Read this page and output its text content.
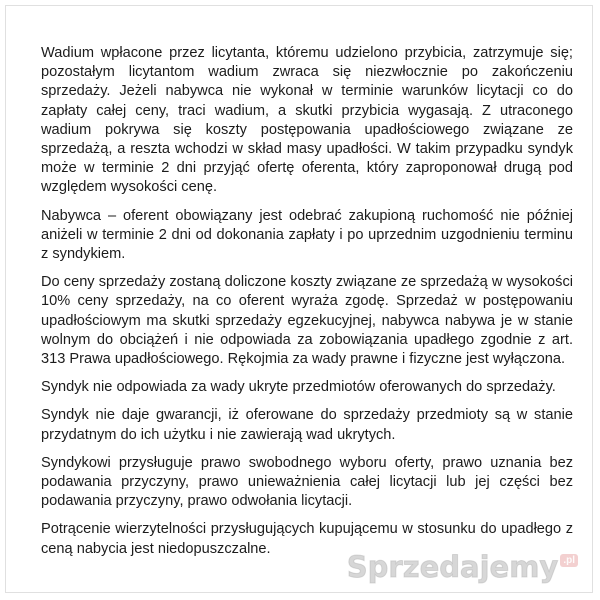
Wadium wpłacone przez licytanta, któremu udzielono przybicia, zatrzymuje się; pozostałym licytantom wadium zwraca się niezwłocznie po zakończeniu sprzedaży. Jeżeli nabywca nie wykonał w terminie warunków licytacji co do zapłaty całej ceny, traci wadium, a skutki przybicia wygasają. Z utraconego wadium pokrywa się koszty postępowania upadłościowego związane ze sprzedażą, a reszta wchodzi w skład masy upadłości. W takim przypadku syndyk może w terminie 2 dni przyjąć ofertę oferenta, który zaproponował drugą pod względem wysokości cenę.

Nabywca – oferent obowiązany jest odebrać zakupioną ruchomość nie później aniżeli w terminie 2 dni od dokonania zapłaty i po uprzednim uzgodnieniu terminu z syndykiem.

Do ceny sprzedaży zostaną doliczone koszty związane ze sprzedażą w wysokości 10% ceny sprzedaży, na co oferent wyraża zgodę. Sprzedaż w postępowaniu upadłościowym ma skutki sprzedaży egzekucyjnej, nabywca nabywa je w stanie wolnym do obciążeń i nie odpowiada za zobowiązania upadłego zgodnie z art. 313 Prawa upadłościowego. Rękojmia za wady prawne i fizyczne jest wyłączona.

Syndyk nie odpowiada za wady ukryte przedmiotów oferowanych do sprzedaży.

Syndyk nie daje gwarancji, iż oferowane do sprzedaży przedmioty są w stanie przydatnym do ich użytku i nie zawierają wad ukrytych.

Syndykowi przysługuje prawo swobodnego wyboru oferty, prawo uznania bez podawania przyczyny, prawo unieważnienia całej licytacji lub jej części bez podawania przyczyny, prawo odwołania licytacji.

Potrącenie wierzytelności przysługujących kupującemu w stosunku do upadłego z ceną nabycia jest niedopuszczalne.

Sprzedajemy .pl
